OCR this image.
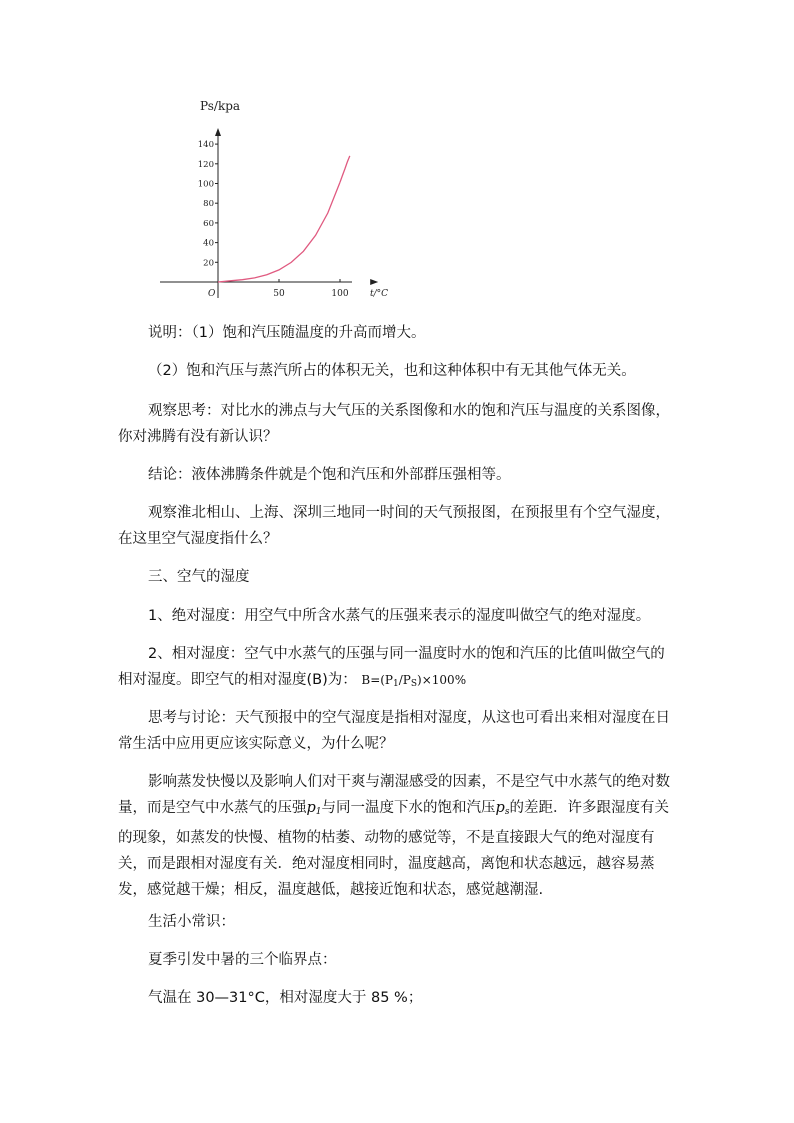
20
40
60
80
100
120
140
50	100
O
Ps/kpa
t/°C
说明：（1）饱和汽压随温度的升高而增大。
（2）饱和汽压与蒸汽所占的体积无关，也和这种体积中有无其他气体无关。
观察思考：对比水的沸点与大气压的关系图像和水的饱和汽压与温度的关系图像，你对沸腾有没有新认识？
结论：液体沸腾条件就是个饱和汽压和外部群压强相等。
观察淮北相山、上海、深圳三地同一时间的天气预报图，在预报里有个空气湿度，在这里空气湿度指什么？
三、空气的湿度
1、绝对湿度：用空气中所含水蒸气的压强来表示的湿度叫做空气的绝对湿度。
2、相对湿度：空气中水蒸气的压强与同一温度时水的饱和汽压的比值叫做空气的相对湿度。即空气的相对湿度(B)为： $B=(P_1/P_S)\times 100\%$
思考与讨论：天气预报中的空气湿度是指相对湿度，从这也可看出来相对湿度在日常生活中应用更应该实际意义，为什么呢？
影响蒸发快慢以及影响人们对干爽与潮湿感受的因素，不是空气中水蒸气的绝对数量，而是空气中水蒸气的压强$p_1$与同一温度下水的饱和汽压$p_s$的差距．许多跟湿度有关的现象，如蒸发的快慢、植物的枯萎、动物的感觉等，不是直接跟大气的绝对湿度有关，而是跟相对湿度有关．绝对湿度相同时，温度越高，离饱和状态越远，越容易蒸发，感觉越干燥；相反，温度越低，越接近饱和状态，感觉越潮湿.
生活小常识：
夏季引发中暑的三个临界点：
气温在 30—31°C，相对湿度大于 85 %；
